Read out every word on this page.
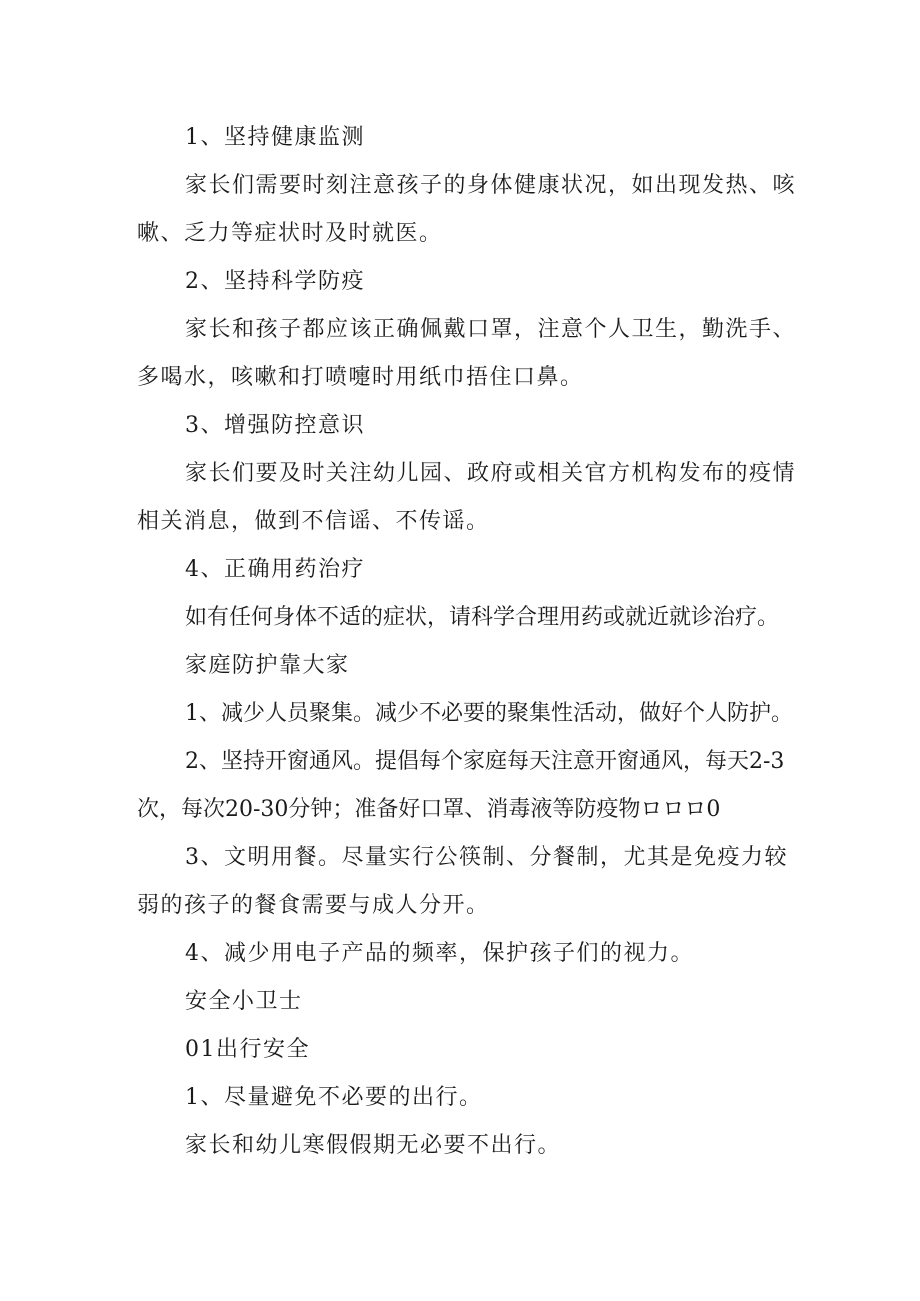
1、坚持健康监测

家长们需要时刻注意孩子的身体健康状况，如出现发热、咳嗽、乏力等症状时及时就医。

2、坚持科学防疫

家长和孩子都应该正确佩戴口罩，注意个人卫生，勤洗手、多喝水，咳嗽和打喷嚏时用纸巾捂住口鼻。

3、增强防控意识

家长们要及时关注幼儿园、政府或相关官方机构发布的疫情相关消息，做到不信谣、不传谣。

4、正确用药治疗

如有任何身体不适的症状，请科学合理用药或就近就诊治疗。

家庭防护靠大家

1、减少人员聚集。减少不必要的聚集性活动，做好个人防护。

2、坚持开窗通风。提倡每个家庭每天注意开窗通风，每天2-3次，每次20-30分钟；准备好口罩、消毒液等防疫物ロロロ0

3、文明用餐。尽量实行公筷制、分餐制，尤其是免疫力较弱的孩子的餐食需要与成人分开。

4、减少用电子产品的频率，保护孩子们的视力。

安全小卫士

01出行安全

1、尽量避免不必要的出行。

家长和幼儿寒假假期无必要不出行。
